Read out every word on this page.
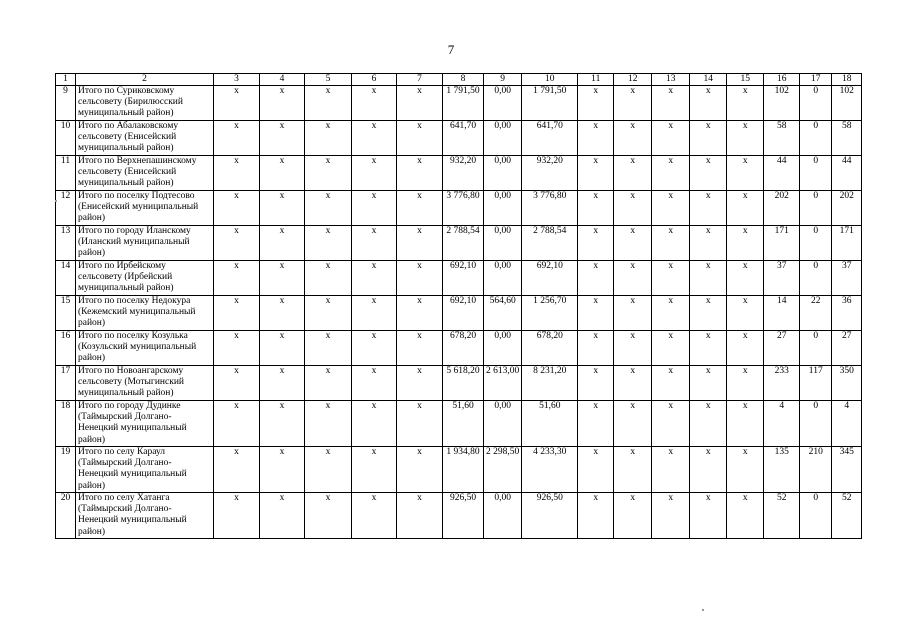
7
1	2	3	4	5	6	7	8	9	10	11	12	13	14	15	16	17	18
9	Итого по Сурико​вскому сельсовету (Бирилюсский муниципальный район)	x	x	x	x	x	1 791,50	0,00	1 791,50	x	x	x	x	x	102	0	102
10	Итого по Абалаковскому сельсовету (Енисейский муниципальный район)	x	x	x	x	x	641,70	0,00	641,70	x	x	x	x	x	58	0	58
11	Итого по Верхнепашинскому сельсовету (Енисейский муниципальный район)	x	x	x	x	x	932,20	0,00	932,20	x	x	x	x	x	44	0	44
12	Итого по поселку Подтесово (Енисейский муниципальный район)	x	x	x	x	x	3 776,80	0,00	3 776,80	x	x	x	x	x	202	0	202
13	Итого по городу Иланскому (Иланский муниципальный район)	x	x	x	x	x	2 788,54	0,00	2 788,54	x	x	x	x	x	171	0	171
14	Итого по Ирбейскому сельсовету (Ирбейский муниципальный район)	x	x	x	x	x	692,10	0,00	692,10	x	x	x	x	x	37	0	37
15	Итого по поселку Недокура (Кежемский муниципальный район)	x	x	x	x	x	692,10	564,60	1 256,70	x	x	x	x	x	14	22	36
16	Итого по поселку Козулька (Козульский муниципальный район)	x	x	x	x	x	678,20	0,00	678,20	x	x	x	x	x	27	0	27
17	Итого по Новоангарскому сельсовету (Мотыгинский муниципальный район)	x	x	x	x	x	5 618,20	2 613,00	8 231,20	x	x	x	x	x	233	117	350
18	Итого по городу Дудинке (Таймырский Долгано-Ненецкий муниципальный район)	x	x	x	x	x	51,60	0,00	51,60	x	x	x	x	x	4	0	4
19	Итого по селу Караул (Таймырский Долгано-Ненецкий муниципальный район)	x	x	x	x	x	1 934,80	2 298,50	4 233,30	x	x	x	x	x	135	210	345
20	Итого по селу Хатанга (Таймырский Долгано-Ненецкий муниципальный район)	x	x	x	x	x	926,50	0,00	926,50	x	x	x	x	x	52	0	52
